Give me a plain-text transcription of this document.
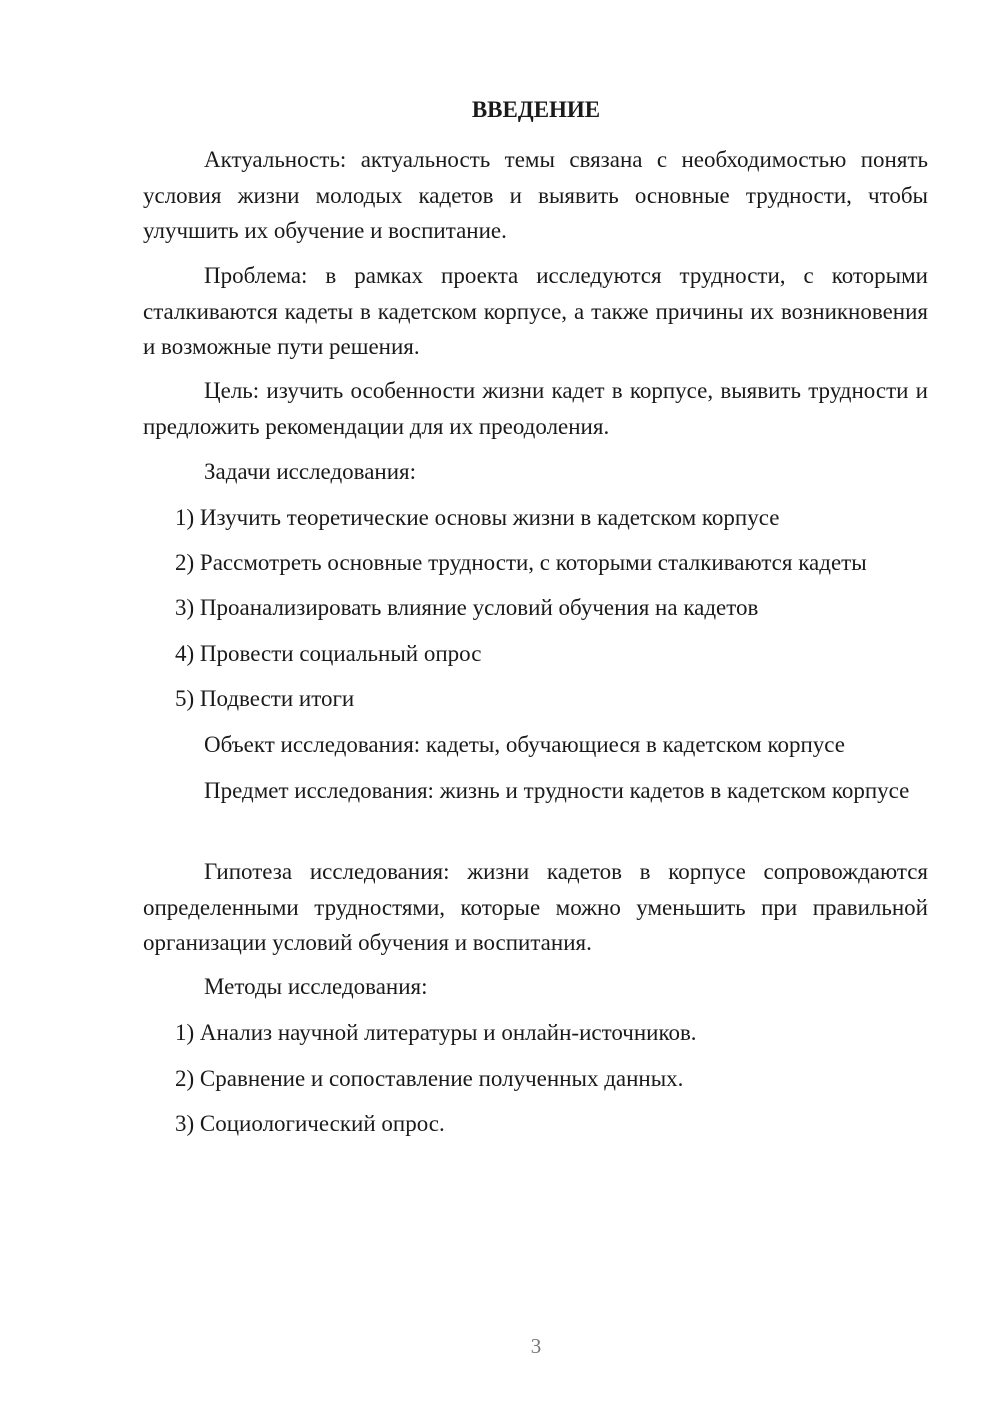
ВВЕДЕНИЕ
Актуальность: актуальность темы связана с необходимостью понять условия жизни молодых кадетов и выявить основные трудности, чтобы улучшить их обучение и воспитание.
Проблема: в рамках проекта исследуются трудности, с которыми сталкиваются кадеты в кадетском корпусе, а также причины их возникновения и возможные пути решения.
Цель: изучить особенности жизни кадет в корпусе, выявить трудности и предложить рекомендации для их преодоления.
Задачи исследования:
1) Изучить теоретические основы жизни в кадетском корпусе
2) Рассмотреть основные трудности, с которыми сталкиваются кадеты
3) Проанализировать влияние условий обучения на кадетов
4) Провести социальный опрос
5) Подвести итоги
Объект исследования: кадеты, обучающиеся в кадетском корпусе
Предмет исследования: жизнь и трудности кадетов в кадетском корпусе
Гипотеза исследования: жизни кадетов в корпусе сопровождаются определенными трудностями, которые можно уменьшить при правильной организации условий обучения и воспитания.
Методы исследования:
1) Анализ научной литературы и онлайн-источников.
2) Сравнение и сопоставление полученных данных.
3) Социологический опрос.
3
